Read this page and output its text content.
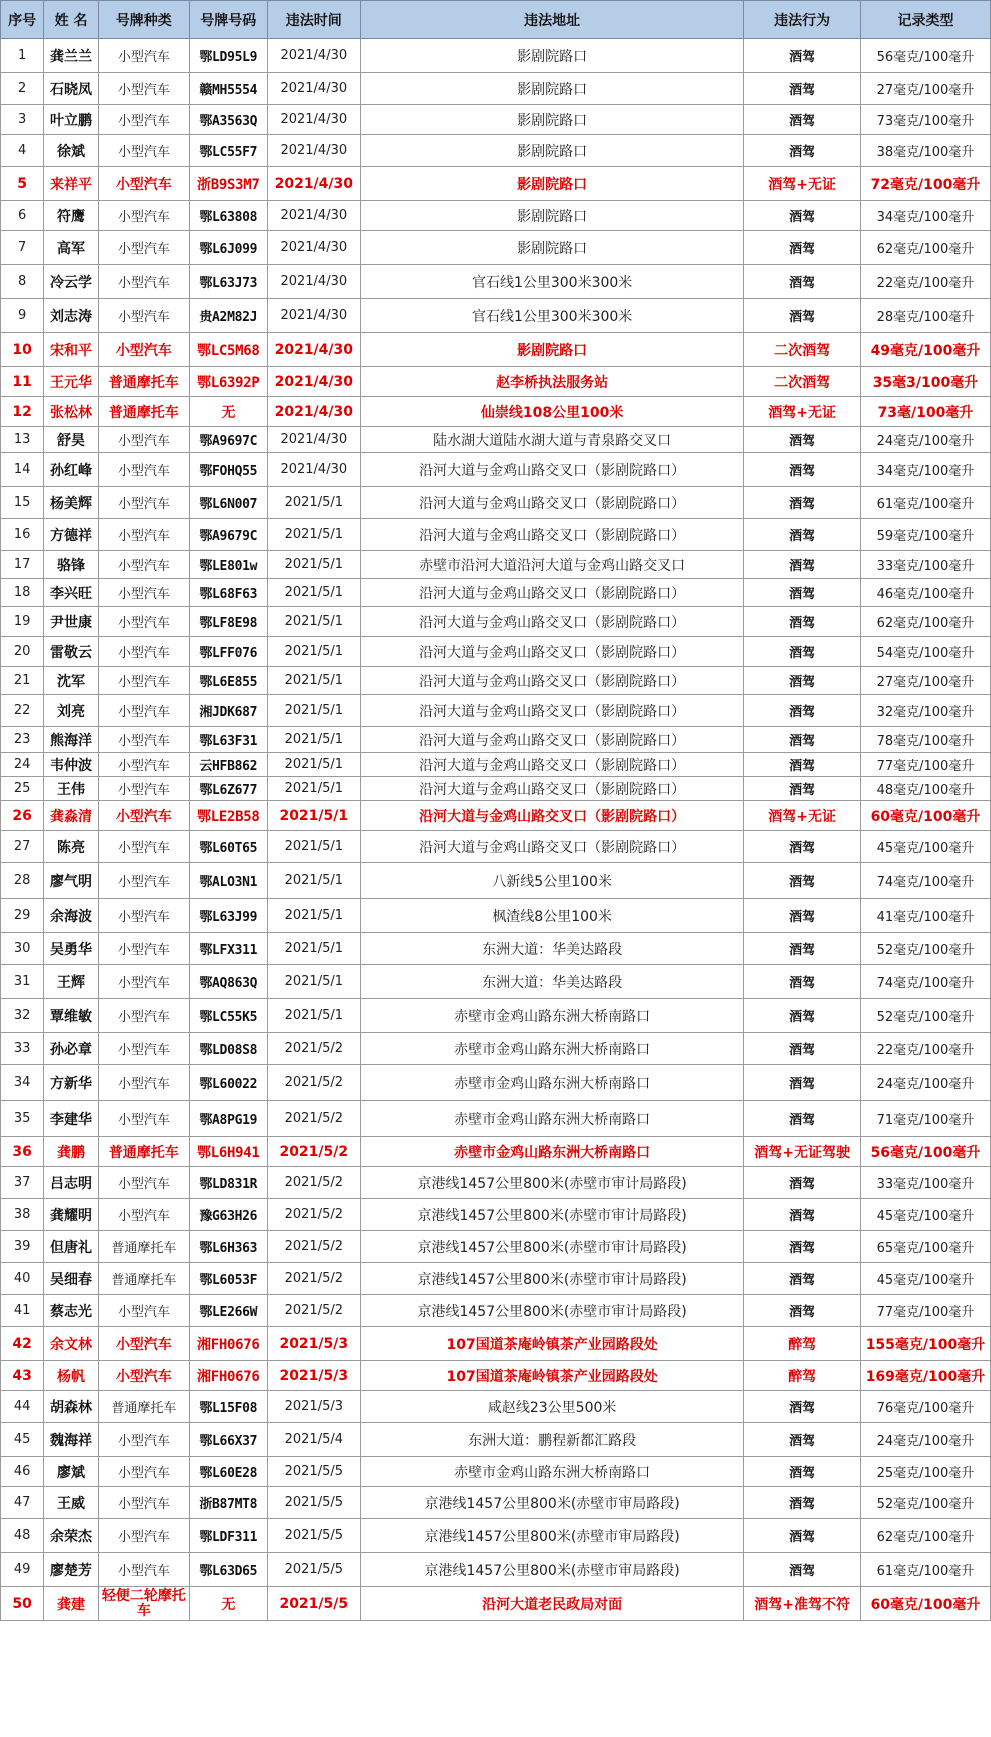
序号	姓 名	号牌种类	号牌号码	违法时间	违法地址	违法行为	记录类型
1	龚兰兰	小型汽车	鄂LD95L9	2021/4/30	影剧院路口	酒驾	56毫克/100毫升
2	石晓凤	小型汽车	赣MH5554	2021/4/30	影剧院路口	酒驾	27毫克/100毫升
3	叶立鹏	小型汽车	鄂A3563Q	2021/4/30	影剧院路口	酒驾	73毫克/100毫升
4	徐斌	小型汽车	鄂LC55F7	2021/4/30	影剧院路口	酒驾	38毫克/100毫升
5	来祥平	小型汽车	浙B9S3M7	2021/4/30	影剧院路口	酒驾+无证	72毫克/100毫升
6	符鹰	小型汽车	鄂L63808	2021/4/30	影剧院路口	酒驾	34毫克/100毫升
7	高军	小型汽车	鄂L6J099	2021/4/30	影剧院路口	酒驾	62毫克/100毫升
8	冷云学	小型汽车	鄂L63J73	2021/4/30	官石线1公里300米300米	酒驾	22毫克/100毫升
9	刘志涛	小型汽车	贵A2M82J	2021/4/30	官石线1公里300米300米	酒驾	28毫克/100毫升
10	宋和平	小型汽车	鄂LC5M68	2021/4/30	影剧院路口	二次酒驾	49毫克/100毫升
11	王元华	普通摩托车	鄂L6392P	2021/4/30	赵李桥执法服务站	二次酒驾	35毫3/100毫升
12	张松林	普通摩托车	无	2021/4/30	仙崇线108公里100米	酒驾+无证	73毫/100毫升
13	舒昊	小型汽车	鄂A9697C	2021/4/30	陆水湖大道陆水湖大道与青泉路交叉口	酒驾	24毫克/100毫升
14	孙红峰	小型汽车	鄂FOHQ55	2021/4/30	沿河大道与金鸡山路交叉口（影剧院路口）	酒驾	34毫克/100毫升
15	杨美辉	小型汽车	鄂L6N007	2021/5/1	沿河大道与金鸡山路交叉口（影剧院路口）	酒驾	61毫克/100毫升
16	方德祥	小型汽车	鄂A9679C	2021/5/1	沿河大道与金鸡山路交叉口（影剧院路口）	酒驾	59毫克/100毫升
17	骆锋	小型汽车	鄂LE801w	2021/5/1	赤壁市沿河大道沿河大道与金鸡山路交叉口	酒驾	33毫克/100毫升
18	李兴旺	小型汽车	鄂L68F63	2021/5/1	沿河大道与金鸡山路交叉口（影剧院路口）	酒驾	46毫克/100毫升
19	尹世康	小型汽车	鄂LF8E98	2021/5/1	沿河大道与金鸡山路交叉口（影剧院路口）	酒驾	62毫克/100毫升
20	雷敬云	小型汽车	鄂LFF076	2021/5/1	沿河大道与金鸡山路交叉口（影剧院路口）	酒驾	54毫克/100毫升
21	沈军	小型汽车	鄂L6E855	2021/5/1	沿河大道与金鸡山路交叉口（影剧院路口）	酒驾	27毫克/100毫升
22	刘亮	小型汽车	湘JDK687	2021/5/1	沿河大道与金鸡山路交叉口（影剧院路口）	酒驾	32毫克/100毫升
23	熊海洋	小型汽车	鄂L63F31	2021/5/1	沿河大道与金鸡山路交叉口（影剧院路口）	酒驾	78毫克/100毫升
24	韦仲波	小型汽车	云HFB862	2021/5/1	沿河大道与金鸡山路交叉口（影剧院路口）	酒驾	77毫克/100毫升
25	王伟	小型汽车	鄂L6Z677	2021/5/1	沿河大道与金鸡山路交叉口（影剧院路口）	酒驾	48毫克/100毫升
26	龚淼清	小型汽车	鄂LE2B58	2021/5/1	沿河大道与金鸡山路交叉口（影剧院路口）	酒驾+无证	60毫克/100毫升
27	陈亮	小型汽车	鄂L60T65	2021/5/1	沿河大道与金鸡山路交叉口（影剧院路口）	酒驾	45毫克/100毫升
28	廖气明	小型汽车	鄂ALO3N1	2021/5/1	八新线5公里100米	酒驾	74毫克/100毫升
29	余海波	小型汽车	鄂L63J99	2021/5/1	枫渣线8公里100米	酒驾	41毫克/100毫升
30	吴勇华	小型汽车	鄂LFX311	2021/5/1	东洲大道：华美达路段	酒驾	52毫克/100毫升
31	王辉	小型汽车	鄂AQ863Q	2021/5/1	东洲大道：华美达路段	酒驾	74毫克/100毫升
32	覃维敏	小型汽车	鄂LC55K5	2021/5/1	赤壁市金鸡山路东洲大桥南路口	酒驾	52毫克/100毫升
33	孙必章	小型汽车	鄂LD08S8	2021/5/2	赤壁市金鸡山路东洲大桥南路口	酒驾	22毫克/100毫升
34	方新华	小型汽车	鄂L60022	2021/5/2	赤壁市金鸡山路东洲大桥南路口	酒驾	24毫克/100毫升
35	李建华	小型汽车	鄂A8PG19	2021/5/2	赤壁市金鸡山路东洲大桥南路口	酒驾	71毫克/100毫升
36	龚鹏	普通摩托车	鄂L6H941	2021/5/2	赤壁市金鸡山路东洲大桥南路口	酒驾+无证驾驶	56毫克/100毫升
37	吕志明	小型汽车	鄂LD831R	2021/5/2	京港线1457公里800米(赤壁市审计局路段)	酒驾	33毫克/100毫升
38	龚耀明	小型汽车	豫G63H26	2021/5/2	京港线1457公里800米(赤壁市审计局路段)	酒驾	45毫克/100毫升
39	但唐礼	普通摩托车	鄂L6H363	2021/5/2	京港线1457公里800米(赤壁市审计局路段)	酒驾	65毫克/100毫升
40	吴细春	普通摩托车	鄂L6053F	2021/5/2	京港线1457公里800米(赤壁市审计局路段)	酒驾	45毫克/100毫升
41	蔡志光	小型汽车	鄂LE266W	2021/5/2	京港线1457公里800米(赤壁市审计局路段)	酒驾	77毫克/100毫升
42	余文林	小型汽车	湘FH0676	2021/5/3	107国道茶庵岭镇茶产业园路段处	醉驾	155毫克/100毫升
43	杨帆	小型汽车	湘FH0676	2021/5/3	107国道茶庵岭镇茶产业园路段处	醉驾	169毫克/100毫升
44	胡森林	普通摩托车	鄂L15F08	2021/5/3	咸赵线23公里500米	酒驾	76毫克/100毫升
45	魏海祥	小型汽车	鄂L66X37	2021/5/4	东洲大道：鹏程新都汇路段	酒驾	24毫克/100毫升
46	廖斌	小型汽车	鄂L60E28	2021/5/5	赤壁市金鸡山路东洲大桥南路口	酒驾	25毫克/100毫升
47	王威	小型汽车	浙B87MT8	2021/5/5	京港线1457公里800米(赤壁市审局路段)	酒驾	52毫克/100毫升
48	余荣杰	小型汽车	鄂LDF311	2021/5/5	京港线1457公里800米(赤壁市审局路段)	酒驾	62毫克/100毫升
49	廖楚芳	小型汽车	鄂L63D65	2021/5/5	京港线1457公里800米(赤壁市审局路段)	酒驾	61毫克/100毫升
50	龚建	轻便二轮摩托车	无	2021/5/5	沿河大道老民政局对面	酒驾+准驾不符	60毫克/100毫升
